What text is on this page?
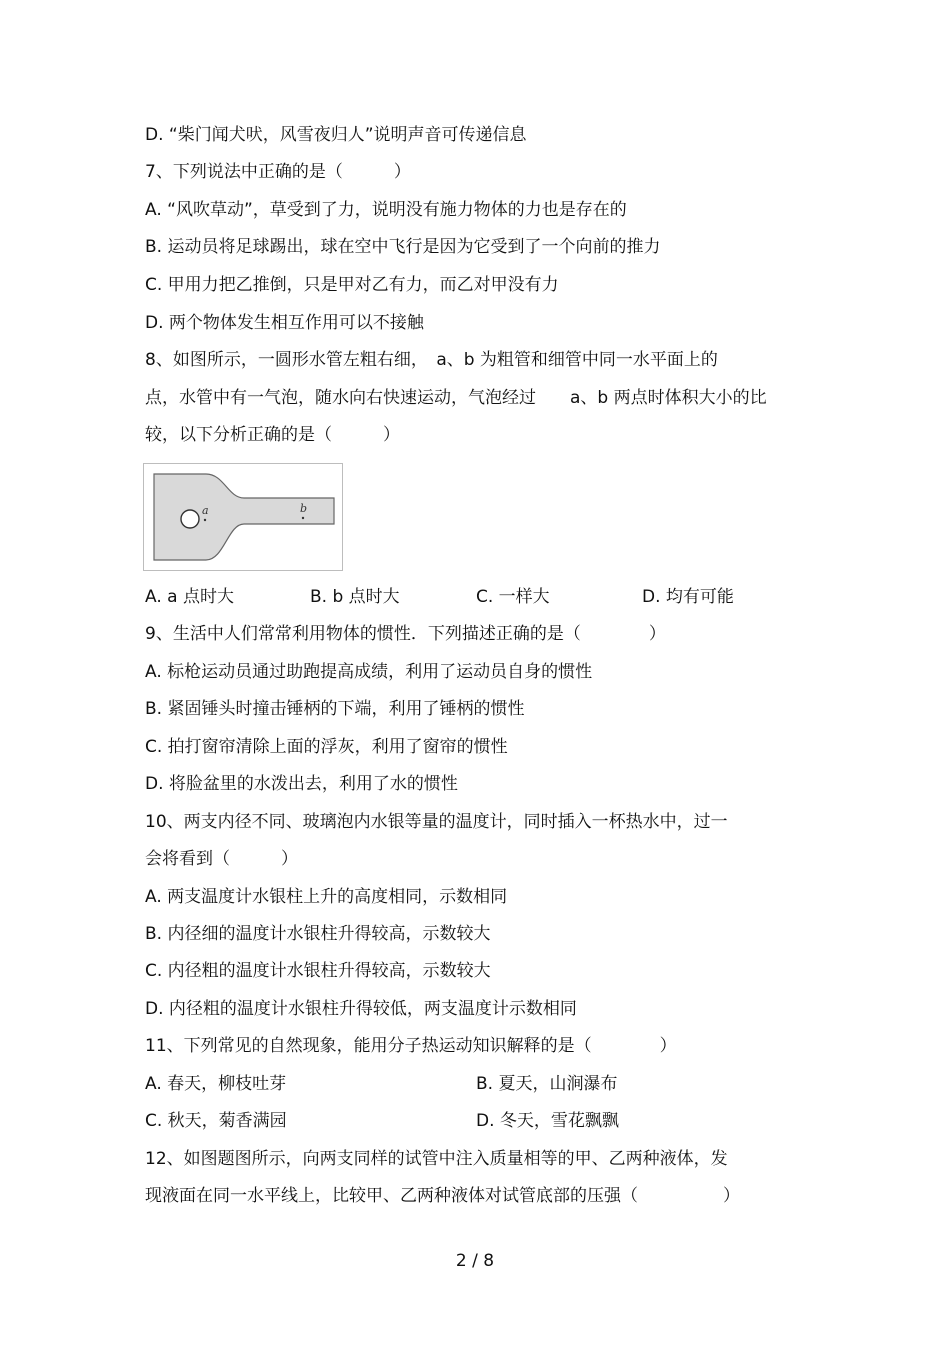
D. “柴门闻犬吠，风雪夜归人”说明声音可传递信息
7、下列说法中正确的是（　　　）
A. “风吹草动”，草受到了力，说明没有施力物体的力也是存在的
B. 运动员将足球踢出，球在空中飞行是因为它受到了一个向前的推力
C. 甲用力把乙推倒，只是甲对乙有力，而乙对甲没有力
D. 两个物体发生相互作用可以不接触
8、如图所示，一圆形水管左粗右细，　a、b 为粗管和细管中同一水平面上的
点，水管中有一气泡，随水向右快速运动，气泡经过　　a、b 两点时体积大小的比
较，以下分析正确的是（　　　）
a	b
A. a 点时大	B. b 点时大	C. 一样大	D. 均有可能
9、生活中人们常常利用物体的惯性．下列描述正确的是（　　　　）
A. 标枪运动员通过助跑提高成绩，利用了运动员自身的惯性
B. 紧固锤头时撞击锤柄的下端，利用了锤柄的惯性
C. 拍打窗帘清除上面的浮灰，利用了窗帘的惯性
D. 将脸盆里的水泼出去，利用了水的惯性
10、两支内径不同、玻璃泡内水银等量的温度计，同时插入一杯热水中，过一
会将看到（　　　）
A. 两支温度计水银柱上升的高度相同，示数相同
B. 内径细的温度计水银柱升得较高，示数较大
C. 内径粗的温度计水银柱升得较高，示数较大
D. 内径粗的温度计水银柱升得较低，两支温度计示数相同
11、下列常见的自然现象，能用分子热运动知识解释的是（　　　　）
A. 春天，柳枝吐芽	B. 夏天，山涧瀑布
C. 秋天，菊香满园	D. 冬天，雪花飘飘
12、如图题图所示，向两支同样的试管中注入质量相等的甲、乙两种液体，发
现液面在同一水平线上，比较甲、乙两种液体对试管底部的压强（　　　　　）
2 / 8
